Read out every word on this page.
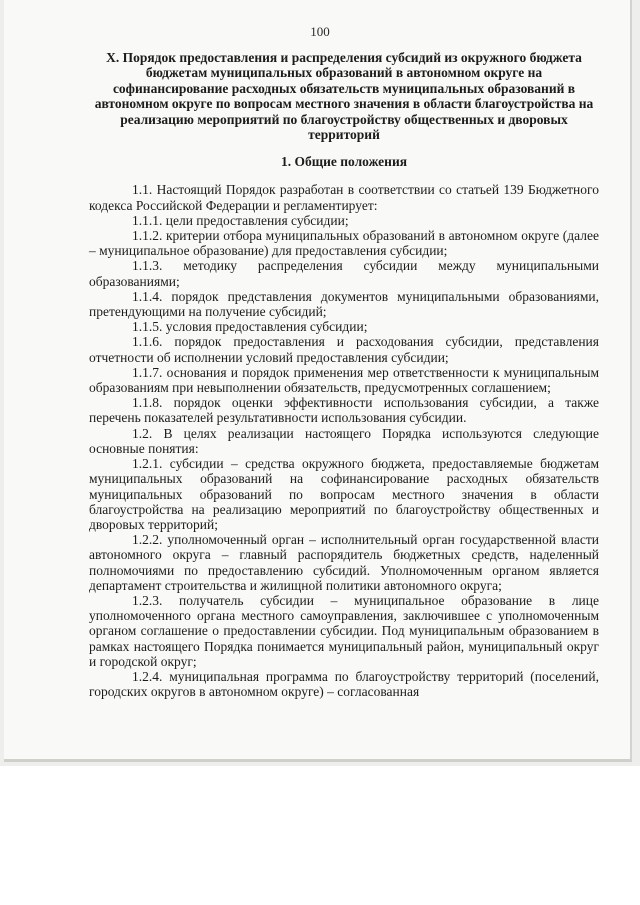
100
X. Порядок предоставления и распределения субсидий из окружного бюджета бюджетам муниципальных образований в автономном округе на софинансирование расходных обязательств муниципальных образований в автономном округе по вопросам местного значения в области благоустройства на реализацию мероприятий по благоустройству общественных и дворовых территорий
1. Общие положения

1.1. Настоящий Порядок разработан в соответствии со статьей 139 Бюджетного кодекса Российской Федерации и регламентирует:

1.1.1. цели предоставления субсидии;

1.1.2. критерии отбора муниципальных образований в автономном округе (далее – муниципальное образование) для предоставления субсидии;

1.1.3. методику распределения субсидии между муниципальными образованиями;

1.1.4. порядок представления документов муниципальными образованиями, претендующими на получение субсидий;

1.1.5. условия предоставления субсидии;

1.1.6. порядок предоставления и расходования субсидии, представления отчетности об исполнении условий предоставления субсидии;

1.1.7. основания и порядок применения мер ответственности к муниципальным образованиям при невыполнении обязательств, предусмотренных соглашением;

1.1.8. порядок оценки эффективности использования субсидии, а также перечень показателей результативности использования субсидии.

1.2. В целях реализации настоящего Порядка используются следующие основные понятия:

1.2.1. субсидии – средства окружного бюджета, предоставляемые бюджетам муниципальных образований на софинансирование расходных обязательств муниципальных образований по вопросам местного значения в области благоустройства на реализацию мероприятий по благоустройству общественных и дворовых территорий;

1.2.2. уполномоченный орган – исполнительный орган государственной власти автономного округа – главный распорядитель бюджетных средств, наделенный полномочиями по предоставлению субсидий. Уполномоченным органом является департамент строительства и жилищной политики автономного округа;

1.2.3. получатель субсидии – муниципальное образование в лице уполномоченного органа местного самоуправления, заключившее с уполномоченным органом соглашение о предоставлении субсидии. Под муниципальным образованием в рамках настоящего Порядка понимается муниципальный район, муниципальный округ и городской округ;

1.2.4. муниципальная программа по благоустройству территорий (поселений, городских округов в автономном округе) – согласованная
